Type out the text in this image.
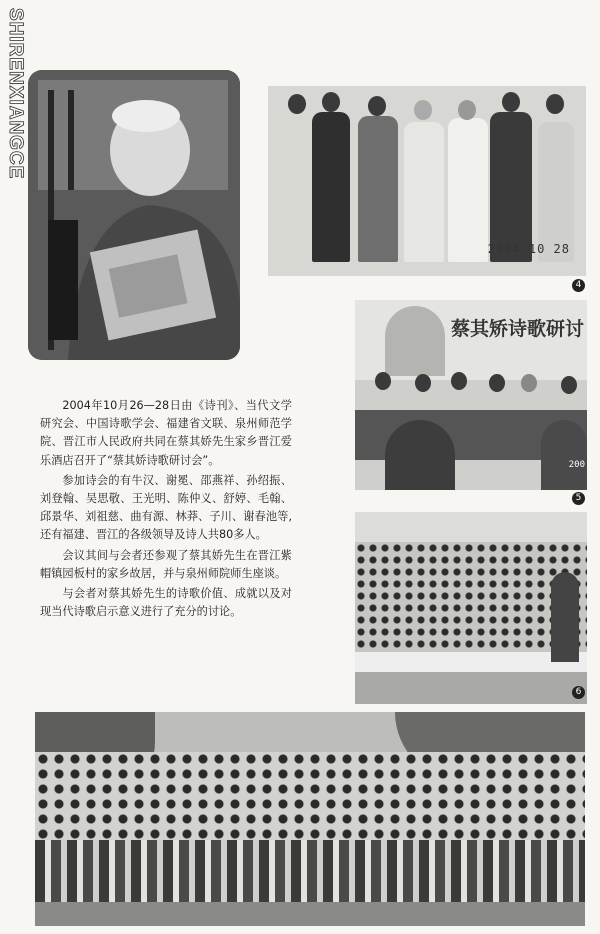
SHIRENXIANGCE
2004 10 28
4
蔡其矫诗歌研讨
200
5
6

2004年10月26—28日由《诗刊》、当代文学研究会、中国诗歌学会、福建省文联、泉州师范学院、晋江市人民政府共同在蔡其娇先生家乡晋江爱乐酒店召开了“蔡其娇诗歌研讨会”。

参加诗会的有牛汉、谢冕、邵燕祥、孙绍振、刘登翰、吴思敬、王光明、陈仲义、舒婷、毛翰、邱景华、刘祖慈、曲有源、林莽、子川、谢春池等,还有福建、晋江的各级领导及诗人共80多人。

会议其间与会者还参观了蔡其娇先生在晋江紫帽镇园板村的家乡故居，并与泉州师院师生座谈。

与会者对蔡其娇先生的诗歌价值、成就以及对现当代诗歌启示意义进行了充分的讨论。
